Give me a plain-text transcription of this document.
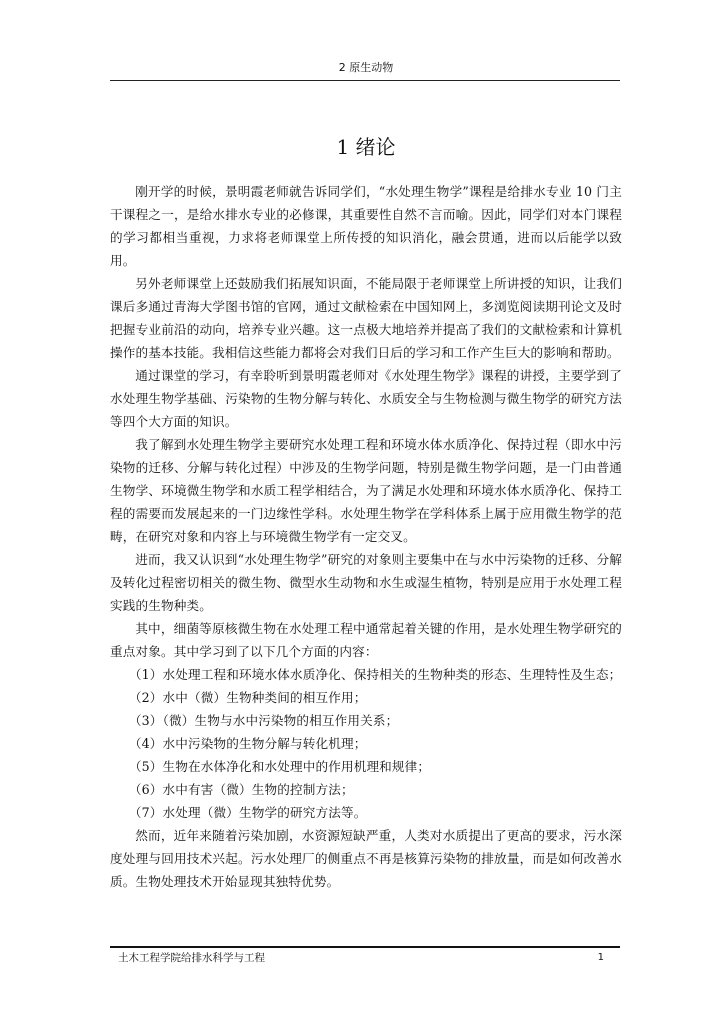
2 原生动物
1 绪论

刚开学的时候，景明霞老师就告诉同学们，“水处理生物学”课程是给排水专业 10 门主干课程之一，是给水排水专业的必修课，其重要性自然不言而喻。因此，同学们对本门课程的学习都相当重视，力求将老师课堂上所传授的知识消化，融会贯通，进而以后能学以致用。

另外老师课堂上还鼓励我们拓展知识面，不能局限于老师课堂上所讲授的知识，让我们课后多通过青海大学图书馆的官网，通过文献检索在中国知网上，多浏览阅读期刊论文及时把握专业前沿的动向，培养专业兴趣。这一点极大地培养并提高了我们的文献检索和计算机操作的基本技能。我相信这些能力都将会对我们日后的学习和工作产生巨大的影响和帮助。

通过课堂的学习，有幸聆听到景明霞老师对《水处理生物学》课程的讲授，主要学到了水处理生物学基础、污染物的生物分解与转化、水质安全与生物检测与微生物学的研究方法等四个大方面的知识。

我了解到水处理生物学主要研究水处理工程和环境水体水质净化、保持过程（即水中污染物的迁移、分解与转化过程）中涉及的生物学问题，特别是微生物学问题，是一门由普通生物学、环境微生物学和水质工程学相结合，为了满足水处理和环境水体水质净化、保持工程的需要而发展起来的一门边缘性学科。水处理生物学在学科体系上属于应用微生物学的范畴，在研究对象和内容上与环境微生物学有一定交叉。

进而，我又认识到“水处理生物学”研究的对象则主要集中在与水中污染物的迁移、分解及转化过程密切相关的微生物、微型水生动物和水生或湿生植物，特别是应用于水处理工程实践的生物种类。

其中，细菌等原核微生物在水处理工程中通常起着关键的作用，是水处理生物学研究的重点对象。其中学习到了以下几个方面的内容：

（1）水处理工程和环境水体水质净化、保持相关的生物种类的形态、生理特性及生态；

（2）水中（微）生物种类间的相互作用；

（3）（微）生物与水中污染物的相互作用关系；

（4）水中污染物的生物分解与转化机理；

（5）生物在水体净化和水处理中的作用机理和规律；

（6）水中有害（微）生物的控制方法；

（7）水处理（微）生物学的研究方法等。

然而，近年来随着污染加剧，水资源短缺严重，人类对水质提出了更高的要求，污水深度处理与回用技术兴起。污水处理厂的侧重点不再是核算污染物的排放量，而是如何改善水质。生物处理技术开始显现其独特优势。

土木工程学院给排水科学与工程	1
